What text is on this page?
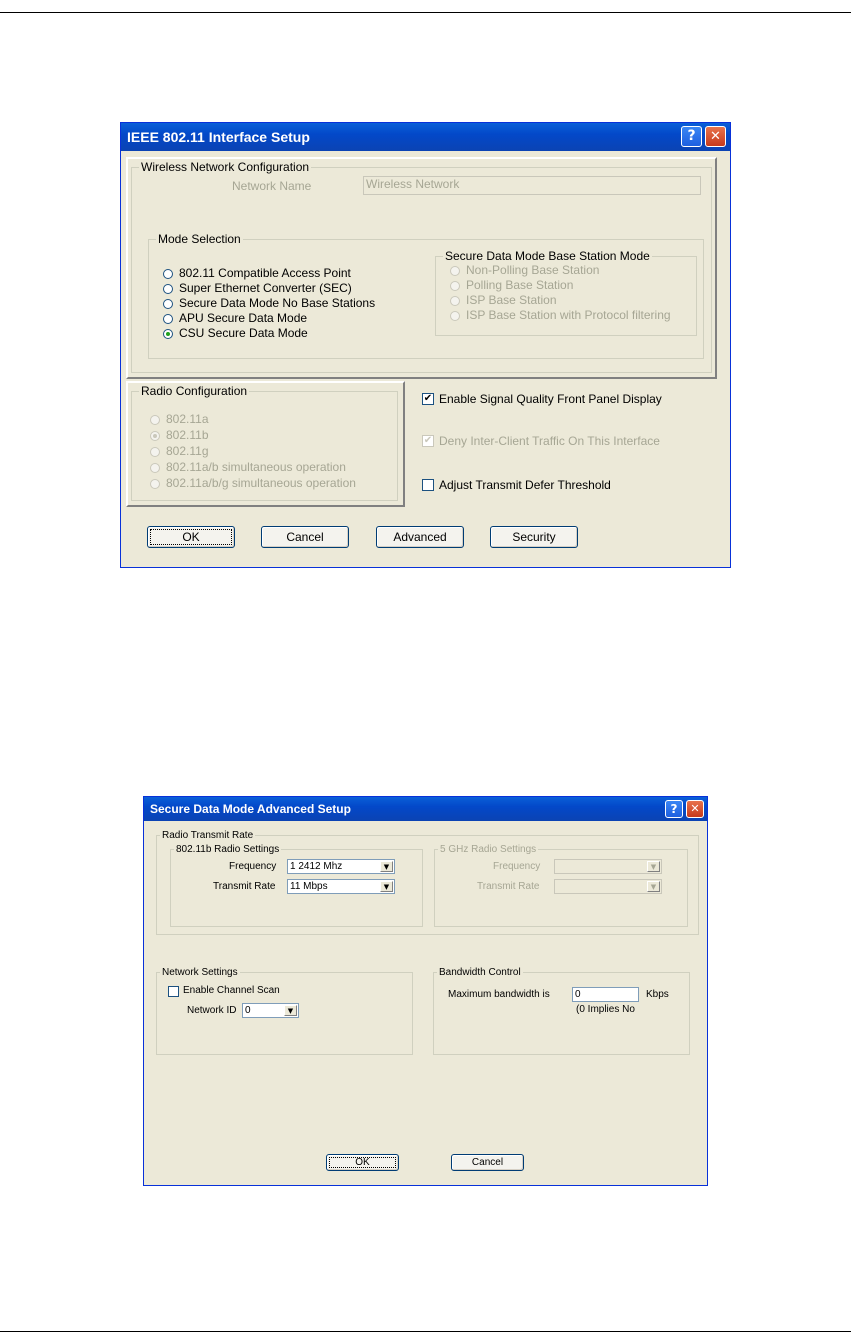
IEEE 802.11 Interface Setup	?	✕
Wireless Network Configuration
Network Name	Wireless Network
Mode Selection
802.11 Compatible Access Point
Super Ethernet Converter (SEC)
Secure Data Mode No Base Stations
APU Secure Data Mode
CSU Secure Data Mode
Secure Data Mode Base Station Mode
Non-Polling Base Station
Polling Base Station
ISP Base Station
ISP Base Station with Protocol filtering
Radio Configuration
802.11a
802.11b
802.11g
802.11a/b simultaneous operation
802.11a/b/g simultaneous operation
✔ Enable Signal Quality Front Panel Display
✔ Deny Inter-Client Traffic On This Interface
Adjust Transmit Defer Threshold
OK	Cancel	Advanced	Security
Secure Data Mode Advanced Setup	?	✕
Radio Transmit Rate
802.11b Radio Settings
Frequency 1 2412 Mhz	▼
Transmit Rate 11 Mbps	▼
5 GHz Radio Settings
Frequency	▼
Transmit Rate	▼
Network Settings
Enable Channel Scan
Network ID 0	▼
Bandwidth Control
Maximum bandwidth is	0	Kbps
(0 Implies No
OK	Cancel
